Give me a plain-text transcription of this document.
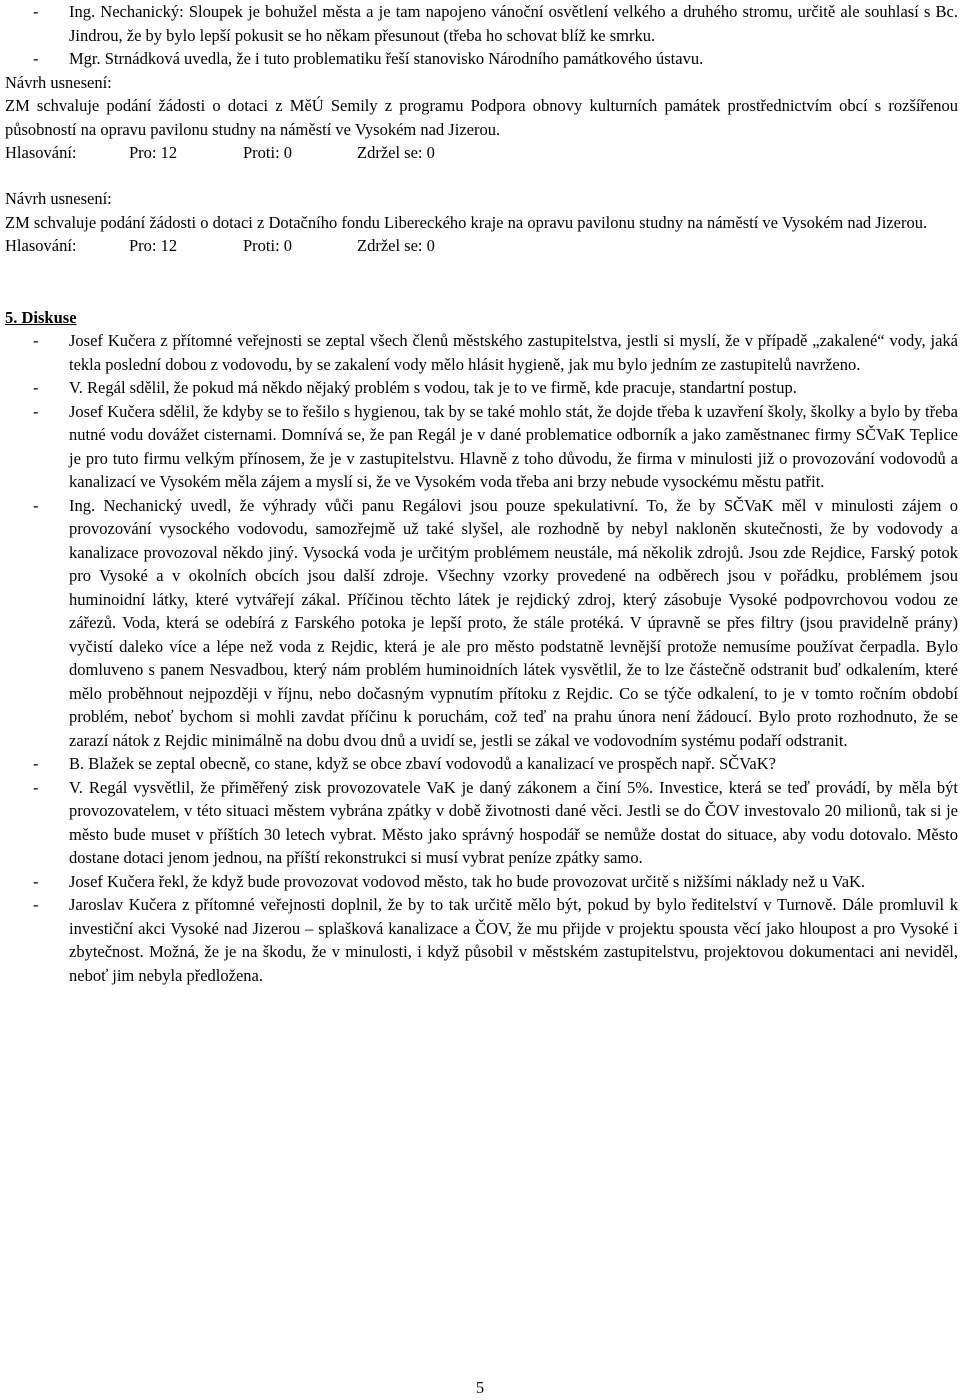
- Ing. Nechanický: Sloupek je bohužel města a je tam napojeno vánoční osvětlení velkého a druhého stromu, určitě ale souhlasí s Bc. Jindrou, že by bylo lepší pokusit se ho někam přesunout (třeba ho schovat blíž ke smrku.
- Mgr. Strnádková uvedla, že i tuto problematiku řeší stanovisko Národního památkového ústavu.
Návrh usnesení:
ZM schvaluje podání žádosti o dotaci z MěÚ Semily z programu Podpora obnovy kulturních památek prostřednictvím obcí s rozšířenou působností na opravu pavilonu studny na náměstí ve Vysokém nad Jizerou.
Hlasování:	Pro: 12	Proti: 0	Zdržel se: 0
Návrh usnesení:
ZM schvaluje podání žádosti o dotaci z Dotačního fondu Libereckého kraje na opravu pavilonu studny na náměstí ve Vysokém nad Jizerou.
Hlasování:	Pro: 12	Proti: 0	Zdržel se: 0
5. Diskuse
- Josef Kučera z přítomné veřejnosti se zeptal všech členů městského zastupitelstva, jestli si myslí, že v případě „zakalené“ vody, jaká tekla poslední dobou z vodovodu, by se zakalení vody mělo hlásit hygieně, jak mu bylo jedním ze zastupitelů navrženo.
- V. Regál sdělil, že pokud má někdo nějaký problém s vodou, tak je to ve firmě, kde pracuje, standartní postup.
- Josef Kučera sdělil, že kdyby se to řešilo s hygienou, tak by se také mohlo stát, že dojde třeba k uzavření školy, školky a bylo by třeba nutné vodu dovážet cisternami. Domnívá se, že pan Regál je v dané problematice odborník a jako zaměstnanec firmy SČVaK Teplice je pro tuto firmu velkým přínosem, že je v zastupitelstvu. Hlavně z toho důvodu, že firma v minulosti již o provozování vodovodů a kanalizací ve Vysokém měla zájem a myslí si, že ve Vysokém voda třeba ani brzy nebude vysockému městu patřit.
- Ing. Nechanický uvedl, že výhrady vůči panu Regálovi jsou pouze spekulativní. To, že by SČVaK měl v minulosti zájem o provozování vysockého vodovodu, samozřejmě už také slyšel, ale rozhodně by nebyl nakloněn skutečnosti, že by vodovody a kanalizace provozoval někdo jiný. Vysocká voda je určitým problémem neustále, má několik zdrojů. Jsou zde Rejdice, Farský potok pro Vysoké a v okolních obcích jsou další zdroje. Všechny vzorky provedené na odběrech jsou v pořádku, problémem jsou huminoidní látky, které vytvářejí zákal. Příčinou těchto látek je rejdický zdroj, který zásobuje Vysoké podpovrchovou vodou ze zářezů. Voda, která se odebírá z Farského potoka je lepší proto, že stále protéká. V úpravně se přes filtry (jsou pravidelně prány) vyčistí daleko více a lépe než voda z Rejdic, která je ale pro město podstatně levnější protože nemusíme používat čerpadla. Bylo domluveno s panem Nesvadbou, který nám problém huminoidních látek vysvětlil, že to lze částečně odstranit buď odkalením, které mělo proběhnout nejpozději v říjnu, nebo dočasným vypnutím přítoku z Rejdic. Co se týče odkalení, to je v tomto ročním období problém, neboť bychom si mohli zavdat příčinu k poruchám, což teď na prahu února není žádoucí. Bylo proto rozhodnuto, že se zarazí nátok z Rejdic minimálně na dobu dvou dnů a uvidí se, jestli se zákal ve vodovodním systému podaří odstranit.
- B. Blažek se zeptal obecně, co stane, když se obce zbaví vodovodů a kanalizací ve prospěch např. SČVaK?
- V. Regál vysvětlil, že přiměřený zisk provozovatele VaK je daný zákonem a činí 5%. Investice, která se teď provádí, by měla být provozovatelem, v této situaci městem vybrána zpátky v době životnosti dané věci. Jestli se do ČOV investovalo 20 milionů, tak si je město bude muset v příštích 30 letech vybrat. Město jako správný hospodář se nemůže dostat do situace, aby vodu dotovalo. Město dostane dotaci jenom jednou, na příští rekonstrukci si musí vybrat peníze zpátky samo.
- Josef Kučera řekl, že když bude provozovat vodovod město, tak ho bude provozovat určitě s nižšími náklady než u VaK.
- Jaroslav Kučera z přítomné veřejnosti doplnil, že by to tak určitě mělo být, pokud by bylo ředitelství v Turnově. Dále promluvil k investiční akci Vysoké nad Jizerou – splašková kanalizace a ČOV, že mu přijde v projektu spousta věcí jako hloupost a pro Vysoké i zbytečnost. Možná, že je na škodu, že v minulosti, i když působil v městském zastupitelstvu, projektovou dokumentaci ani neviděl, neboť jim nebyla předložena.
5
